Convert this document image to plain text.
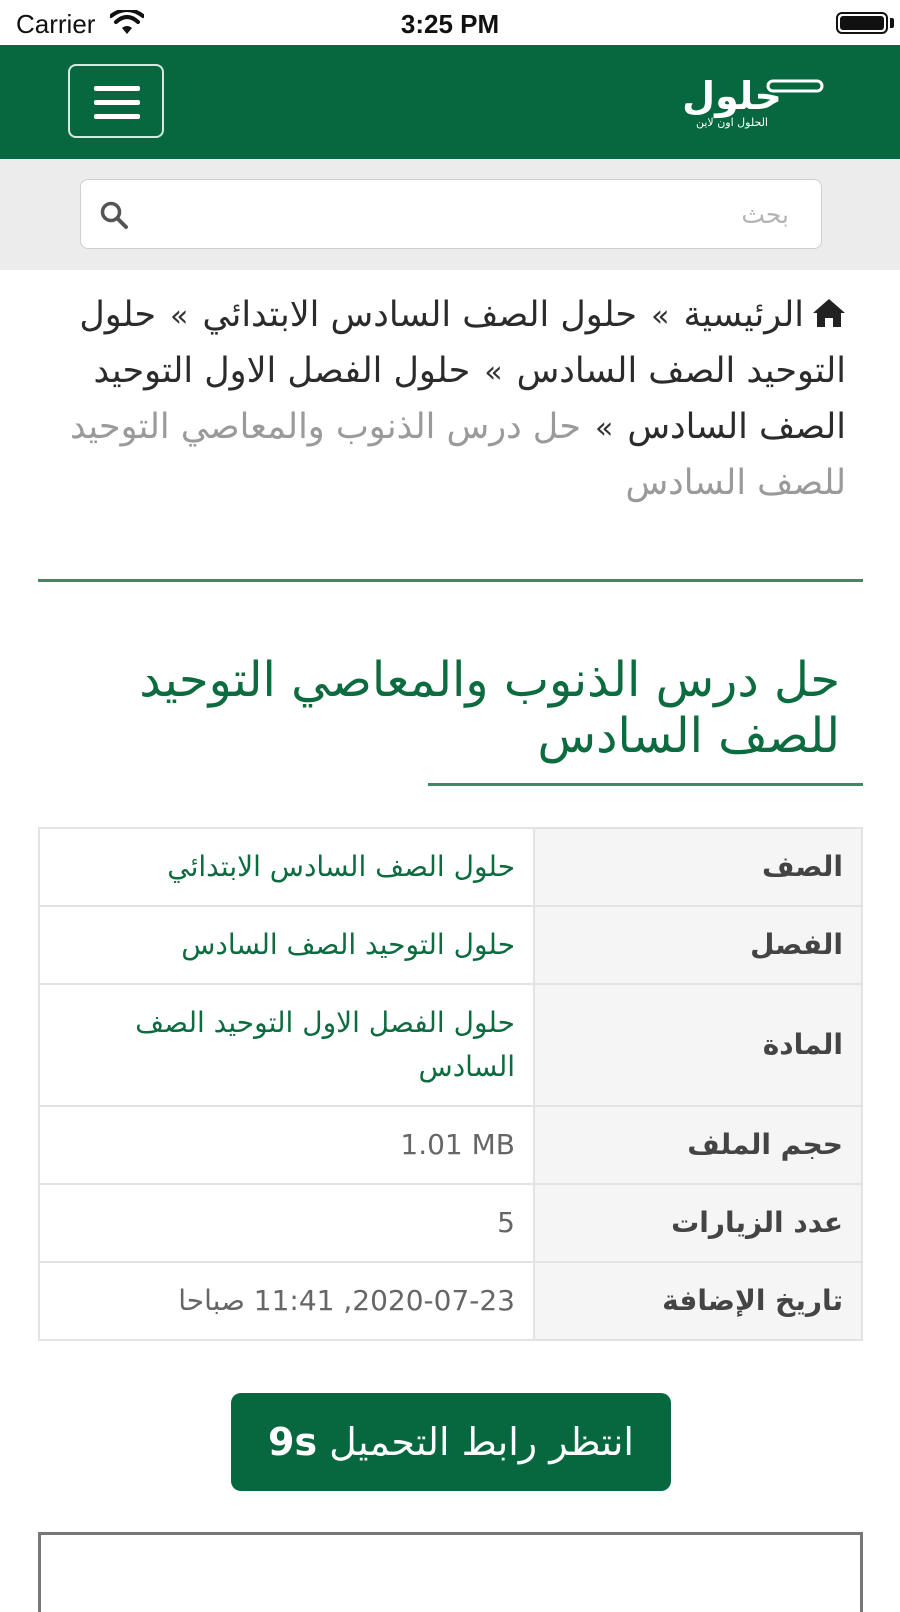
Carrier	3:25 PM
حلول
الحلول اون لاين
بحث
الرئيسية»حلول الصف السادس الابتدائي»حلول التوحيد الصف السادس»حلول الفصل الاول التوحيد الصف السادس»حل درس الذنوب والمعاصي التوحيد للصف السادس
حل درس الذنوب والمعاصي التوحيد للصف السادس
الصف	حلول الصف السادس الابتدائي
الفصل	حلول التوحيد الصف السادس
المادة	حلول الفصل الاول التوحيد الصف السادس
حجم الملف	1.01 MB
عدد الزيارات	5
تاريخ الإضافة	2020-07-23, 11:41 صباحا
انتظر رابط التحميل 9s
